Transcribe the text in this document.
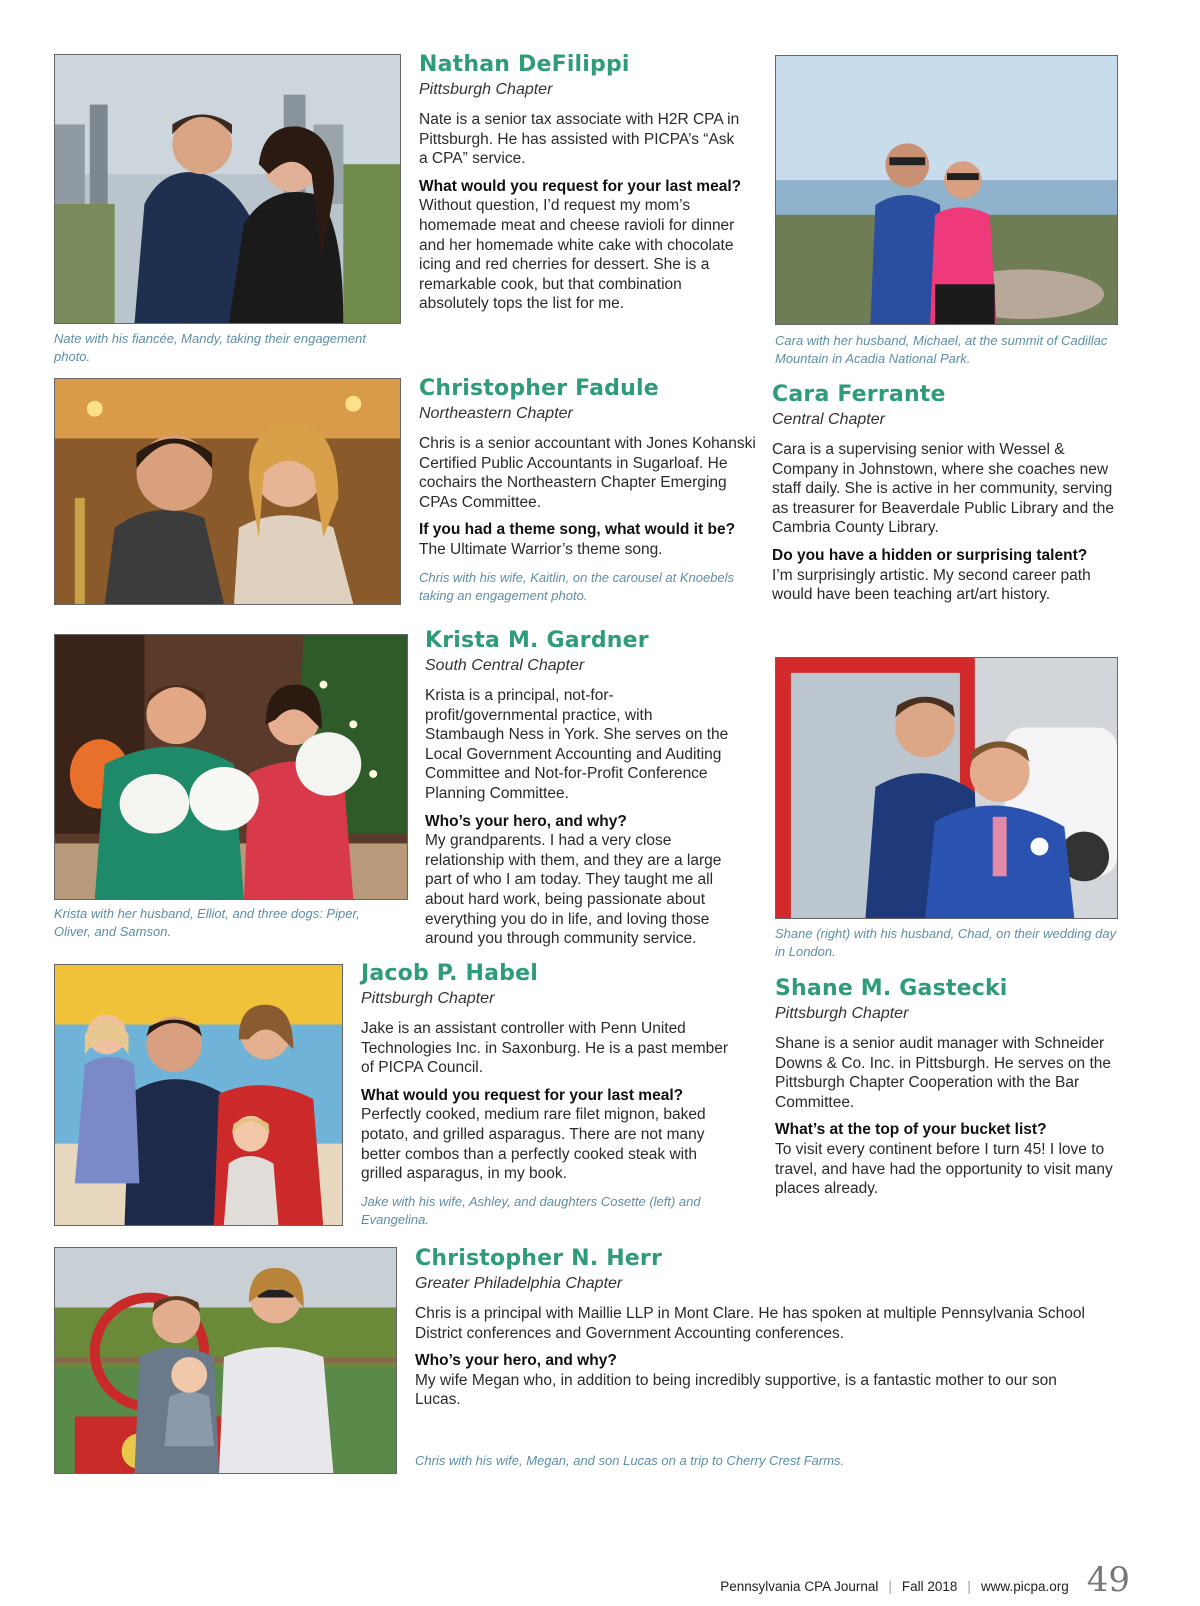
Nate with his fiancée, Mandy, taking their engagement photo.
Nathan DeFilippi
Pittsburgh Chapter

Nate is a senior tax associate with H2R CPA in Pittsburgh. He has assisted with PICPA’s “Ask a CPA” service.

What would you request for your last meal?

Without question, I’d request my mom’s homemade meat and cheese ravioli for dinner and her homemade white cake with chocolate icing and red cherries for dessert. She is a remarkable cook, but that combination absolutely tops the list for me.

Cara with her husband, Michael, at the summit of Cadillac Mountain in Acadia National Park.
Chris with his wife, Kaitlin, on the carousel at Knoebels taking an engagement photo.
Christopher Fadule
Northeastern Chapter

Chris is a senior accountant with Jones Kohanski Certified Public Accountants in Sugarloaf. He cochairs the Northeastern Chapter Emerging CPAs Committee.

If you had a theme song, what would it be?

The Ultimate Warrior’s theme song.

Cara Ferrante
Central Chapter

Cara is a supervising senior with Wessel & Company in Johnstown, where she coaches new staff daily. She is active in her community, serving as treasurer for Beaverdale Public Library and the Cambria County Library.

Do you have a hidden or surprising talent?

I’m surprisingly artistic. My second career path would have been teaching art/art history.

Krista with her husband, Elliot, and three dogs: Piper, Oliver, and Samson.
Krista M. Gardner
South Central Chapter

Krista is a principal, not-for-profit/governmental practice, with Stambaugh Ness in York. She serves on the Local Government Accounting and Auditing Committee and Not-for-Profit Conference Planning Committee.

Who’s your hero, and why?

My grandparents. I had a very close relationship with them, and they are a large part of who I am today. They taught me all about hard work, being passionate about everything you do in life, and loving those around you through community service.	Shane (right) with his husband, Chad, on their wedding day in London.
Shane M. Gastecki
Pittsburgh Chapter

Shane is a senior audit manager with Schneider Downs & Co. Inc. in Pittsburgh. He serves on the Pittsburgh Chapter Cooperation with the Bar Committee.

What’s at the top of your bucket list?

To visit every continent before I turn 45! I love to travel, and have had the opportunity to visit many places already.

Jake with his wife, Ashley, and daughters Cosette (left) and Evangelina.
Jacob P. Habel
Pittsburgh Chapter

Jake is an assistant controller with Penn United Technologies Inc. in Saxonburg. He is a past member of PICPA Council.

What would you request for your last meal?

Perfectly cooked, medium rare filet mignon, baked potato, and grilled asparagus. There are not many better combos than a perfectly cooked steak with grilled asparagus, in my book.

Chris with his wife, Megan, and son Lucas on a trip to Cherry Crest Farms.
Christopher N. Herr
Greater Philadelphia Chapter

Chris is a principal with Maillie LLP in Mont Clare. He has spoken at multiple Pennsylvania School District conferences and Government Accounting conferences.

Who’s your hero, and why?

My wife Megan who, in addition to being incredibly supportive, is a fantastic mother to our son Lucas.

Pennsylvania CPA Journal | Fall 2018 | www.picpa.org 49
